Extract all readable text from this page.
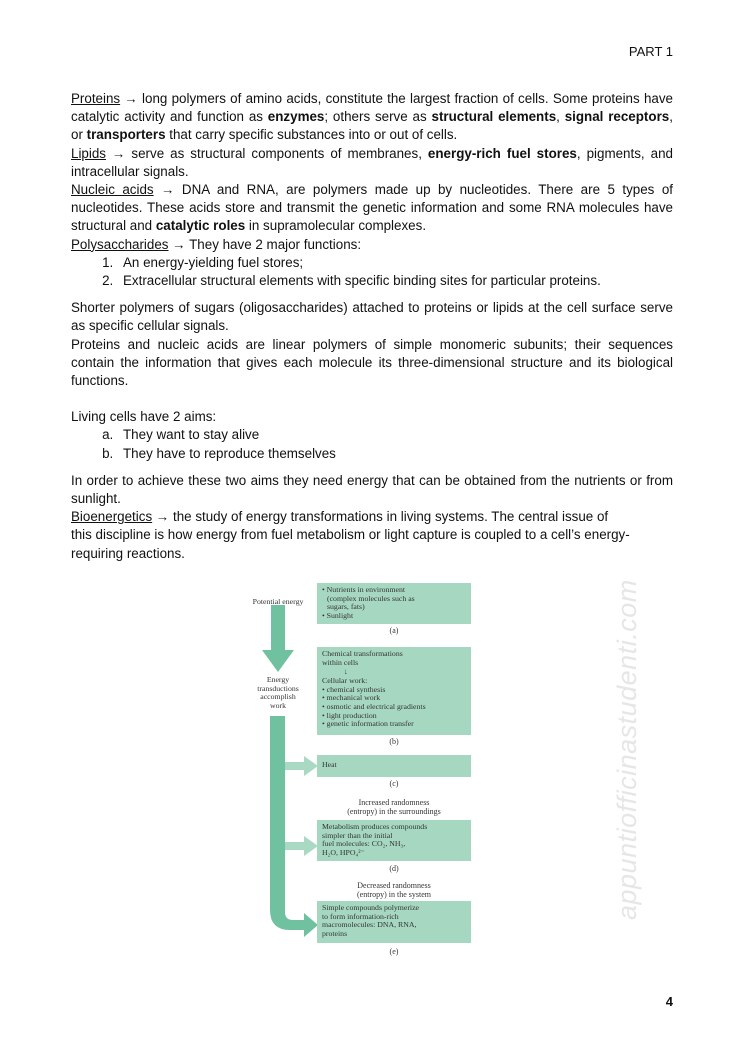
PART 1

Proteins → long polymers of amino acids, constitute the largest fraction of cells. Some proteins have catalytic activity and function as enzymes; others serve as structural elements, signal receptors, or transporters that carry specific substances into or out of cells.

Lipids → serve as structural components of membranes, energy-rich fuel stores, pigments, and intracellular signals.

Nucleic acids → DNA and RNA, are polymers made up by nucleotides. There are 5 types of nucleotides. These acids store and transmit the genetic information and some RNA molecules have structural and catalytic roles in supramolecular complexes.

Polysaccharides → They have 2 major functions:

1. An energy-yielding fuel stores;
2. Extracellular structural elements with specific binding sites for particular proteins.

Shorter polymers of sugars (oligosaccharides) attached to proteins or lipids at the cell surface serve as specific cellular signals.

Proteins and nucleic acids are linear polymers of simple monomeric subunits; their sequences contain the information that gives each molecule its three-dimensional structure and its biological functions.

Living cells have 2 aims:

a. They want to stay alive
b. They have to reproduce themselves

In order to achieve these two aims they need energy that can be obtained from the nutrients or from sunlight.

Bioenergetics → the study of energy transformations in living systems. The central issue of this discipline is how energy from fuel metabolism or light capture is coupled to a cell’s energy-requiring reactions.

Potential energy
Energy
transductions
accomplish
work
• Nutrients in environment
(complex molecules such as
sugars, fats)
• Sunlight
(a)
Chemical transformations
within cells
↓
Cellular work:
• chemical synthesis
• mechanical work
• osmotic and electrical gradients
• light production
• genetic information transfer
(b)
Heat
(c)
Increased randomness
(entropy) in the surroundings
Metabolism produces compounds
simpler than the initial
fuel molecules: CO₂, NH₃,
H₂O, HPO₄²⁻
(d)
Decreased randomness
(entropy) in the system
Simple compounds polymerize
to form information-rich
macromolecules: DNA, RNA,
proteins
(e)
appuntiofficinastudenti.com
4
